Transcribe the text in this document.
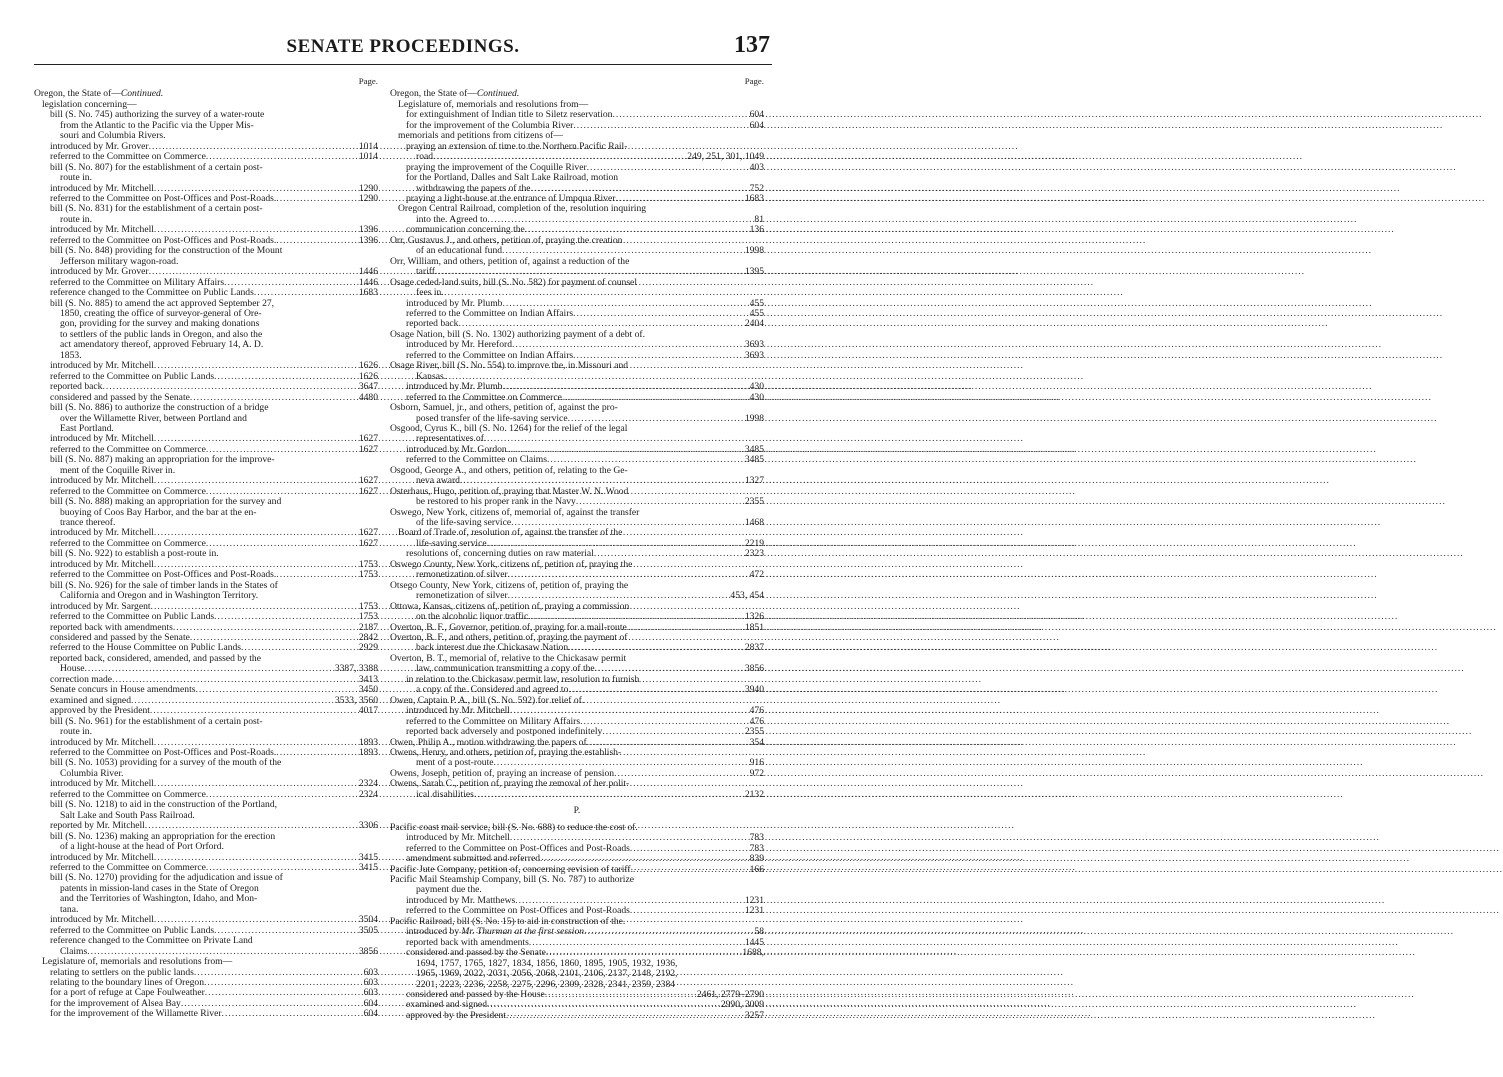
SENATE PROCEEDINGS.	137
Page.
Oregon, the State of—Continued.
legislation concerning—
bill (S. No. 745) authorizing the survey of a water-route
from the Atlantic to the Pacific via the Upper Mis-
souri and Columbia Rivers.
introduced by Mr. Grover .....	1014
referred to the Committee on Commerce .....	1014
bill (S. No. 807) for the establishment of a certain post-
route in.
introduced by Mr. Mitchell .....	1290
referred to the Committee on Post-Offices and Post-Roads. .....	1290
bill (S. No. 831) for the establishment of a certain post-
route in.
introduced by Mr. Mitchell .....	1396
referred to the Committee on Post-Offices and Post-Roads. .....	1396
bill (S. No. 848) providing for the construction of the Mount
Jefferson military wagon-road.
introduced by Mr. Grover .....	1446
referred to the Committee on Military Affairs .....	1446
reference changed to the Committee on Public Lands .....	1683
bill (S. No. 885) to amend the act approved September 27,
1850, creating the office of surveyor-general of Ore-
gon, providing for the survey and making donations
to settlers of the public lands in Oregon, and also the
act amendatory thereof, approved February 14, A. D.
1853.
introduced by Mr. Mitchell .....	1626
referred to the Committee on Public Lands .....	1626
reported back .....	3647
considered and passed by the Senate .....	4480
bill (S. No. 886) to authorize the construction of a bridge
over the Willamette River, between Portland and
East Portland.
introduced by Mr. Mitchell .....	1627
referred to the Committee on Commerce .....	1627
bill (S. No. 887) making an appropriation for the improve-
ment of the Coquille River in.
introduced by Mr. Mitchell .....	1627
referred to the Committee on Commerce .....	1627
bill (S. No. 888) making an appropriation for the survey and
buoying of Coos Bay Harbor, and the bar at the en-
trance thereof.
introduced by Mr. Mitchell .....	1627
referred to the Committee on Commerce .....	1627
bill (S. No. 922) to establish a post-route in.
introduced by Mr. Mitchell .....	1753
referred to the Committee on Post-Offices and Post-Roads. .....	1753
bill (S. No. 926) for the sale of timber lands in the States of
California and Oregon and in Washington Territory.
introduced by Mr. Sargent .....	1753
referred to the Committee on Public Lands .....	1753
reported back with amendments .....	2187
considered and passed by the Senate .....	2842
referred to the House Committee on Public Lands .....	2929
reported back, considered, amended, and passed by the
House .....	3387, 3388
correction made .....	3413
Senate concurs in House amendments .....	3450
examined and signed .....	3533, 3560
approved by the President .....	4017
bill (S. No. 961) for the establishment of a certain post-
route in.
introduced by Mr. Mitchell .....	1893
referred to the Committee on Post-Offices and Post-Roads. .....	1893
bill (S. No. 1053) providing for a survey of the mouth of the
Columbia River.
introduced by Mr. Mitchell .....	2324
referred to the Committee on Commerce .....	2324
bill (S. No. 1218) to aid in the construction of the Portland,
Salt Lake and South Pass Railroad.
reported by Mr. Mitchell .....	3306
bill (S. No. 1236) making an appropriation for the erection
of a light-house at the head of Port Orford.
introduced by Mr. Mitchell .....	3415
referred to the Committee on Commerce .....	3415
bill (S. No. 1270) providing for the adjudication and issue of
patents in mission-land cases in the State of Oregon
and the Territories of Washington, Idaho, and Mon-
tana.
introduced by Mr. Mitchell .....	3504
referred to the Committee on Public Lands .....	3505
reference changed to the Committee on Private Land
Claims .....	3856
Legislature of, memorials and resolutions from—
relating to settlers on the public lands .....	603
relating to the boundary lines of Oregon .....	603
for a port of refuge at Cape Foulweather .....	603
for the improvement of Alsea Bay .....	604
for the improvement of the Willamette River .....	604
Page.
Oregon, the State of—Continued.
Legislature of, memorials and resolutions from—
for extinguishment of Indian title to Siletz reservation .....	604
for the improvement of the Columbia River .....	604
memorials and petitions from citizens of—
praying an extension of time to the Northern Pacific Rail-
road .....	249, 251, 301, 1049
praying the improvement of the Coquille River .....	403
for the Portland, Dalles and Salt Lake Railroad, motion
withdrawing the papers of the .....	752
praying a light-house at the entrance of Umpqua River .....	1683
Oregon Central Railroad, completion of the, resolution inquiring
into the. Agreed to .....	81
communication concerning the .....	136
Orr, Gustavus J., and others, petition of, praying the creation
of an educational fund .....	1998
Orr, William, and others, petition of, against a reduction of the
tariff .....	1395
Osage ceded-land suits, bill (S. No. 582) for payment of counsel
fees in.
introduced by Mr. Plumb .....	455
referred to the Committee on Indian Affairs .....	455
reported back .....	2404
Osage Nation, bill (S. No. 1302) authorizing payment of a debt of.
introduced by Mr. Hereford .....	3693
referred to the Committee on Indian Affairs .....	3693
Osage River, bill (S. No. 554) to improve the, in Missouri and
Kansas.
introduced by Mr. Plumb .....	430
referred to the Committee on Commerce .....	430
Osborn, Samuel, jr., and others, petition of, against the pro-
posed transfer of the life-saving service .....	1998
Osgood, Cyrus K., bill (S. No. 1264) for the relief of the legal
representatives of.
introduced by Mr. Gordon .....	3485
referred to the Committee on Claims .....	3485
Osgood, George A., and others, petition of, relating to the Ge-
neva award .....	1327
Osterhaus, Hugo, petition of, praying that Master W. N. Wood
be restored to his proper rank in the Navy .....	2355
Oswego, New York, citizens of, memorial of, against the transfer
of the life-saving service .....	1468
Board of Trade of, resolution of, against the transfer of the
life-saving service .....	2219
resolutions of, concerning duties on raw material .....	2323
Oswego County, New York, citizens of, petition of, praying the
remonetization of silver .....	472
Otsego County, New York, citizens of, petition of, praying the
remonetization of silver .....	453, 454
Ottowa, Kansas, citizens of, petition of, praying a commission
on the alcoholic liquor traffic .....	1326
Overton, B. F., Governor, petition of, praying for a mail-route .....	1851
Overton, B. F., and others, petition of, praying the payment of
back interest due the Chickasaw Nation .....	2837
Overton, B. T., memorial of, relative to the Chickasaw permit
law, communication transmitting a copy of the .....	3856
in relation to the Chickasaw permit law, resolution to furnish
a copy of the. Considered and agreed to .....	3940
Owen, Captain P. A., bill (S. No. 592) for relief of.
introduced by Mr. Mitchell .....	476
referred to the Committee on Military Affairs .....	476
reported back adversely and postponed indefinitely .....	2355
Owen, Philip A., motion withdrawing the papers of .....	354
Owens, Henry, and others, petition of, praying the establish-
ment of a post-route .....	916
Owens, Joseph, petition of, praying an increase of pension .....	972
Owens, Sarah C., petition of, praying the removal of her polit-
ical disabilities .....	2132
P.
Pacific coast mail service, bill (S. No. 688) to reduce the cost of.
introduced by Mr. Mitchell .....	783
referred to the Committee on Post-Offices and Post-Roads .....	783
amendment submitted and referred .....	839
Pacific Jute Company, petition of, concerning revision of tariff. .....	166
Pacific Mail Steamship Company, bill (S. No. 787) to authorize
payment due the.
introduced by Mr. Matthews .....	1231
referred to the Committee on Post-Offices and Post-Roads .....	1231
Pacific Railroad, bill (S. No. 15) to aid in construction of the.
introduced by Mr. Thurman at the first session .....	58
reported back with amendments .....	1445
considered and passed by the Senate .....	1688,
1694, 1757, 1765, 1827, 1834, 1856, 1860, 1895, 1905, 1932, 1936,
1965, 1969, 2022, 2031, 2056, 2068, 2101, 2106, 2137, 2148, 2192,
2201, 2223, 2236, 2258, 2275, 2296, 2309, 2328, 2341, 2359, 2384
considered and passed by the House .....	2461, 2779–2790
examined and signed .....	2990, 3009
approved by the President .....	3257
